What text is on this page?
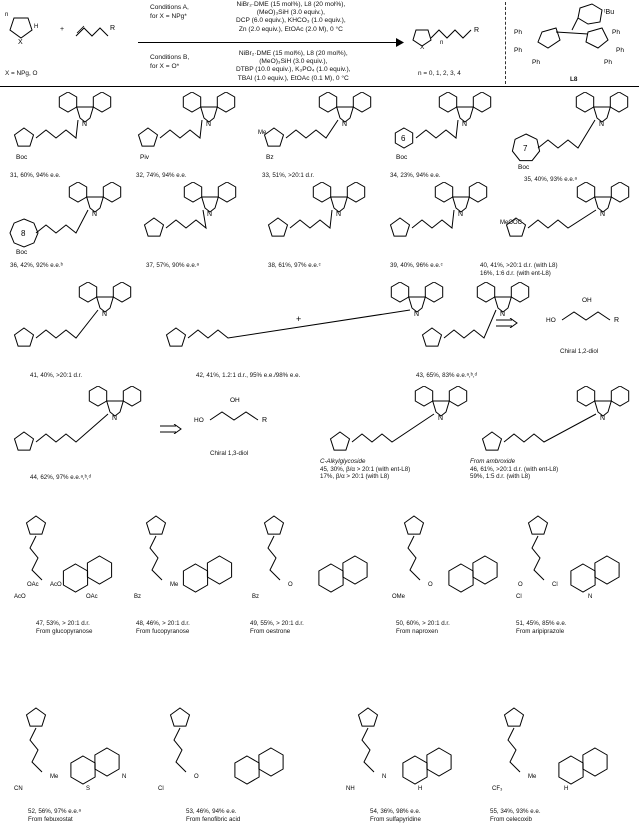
X
H
n
X = NPg, O
+	R
Conditions A,
for X = NPg*
NiBr₂·DME (15 mol%), L8 (20 mol%),
(MeO)₃SiH (3.0 equiv.),
DCP (6.0 equiv.), KHCO₃ (1.0 equiv.),
Zn (2.0 equiv.), EtOAc (2.0 M), 0 °C
Conditions B,
for X = O*
NiBr₂·DME (15 mol%), L8 (20 mol%),
(MeO)₃SiH (3.0 equiv.),
DTBP (10.0 equiv.), K₃PO₄ (1.0 equiv.),
TBAI (1.0 equiv.), EtOAc (0.1 M), 0 °C
X
R
n
n = 0, 1, 2, 3, 4
ᵗBu
Ph
Ph
Ph
Ph
Ph
Ph
L8
N
Boc
31, 60%, 94% e.e.
N
Piv
32, 74%, 94% e.e.
N
Bz
Me
33, 51%, >20:1 d.r.
N
6
Boc
34, 23%, 94% e.e.
N
7
Boc
35, 40%, 93% e.e.ᵃ
N
8
Boc
36, 42%, 92% e.e.ᵇ
N
37, 57%, 90% e.e.ᵃ
N
38, 61%, 97% e.e.ᶜ
N
39, 40%, 96% e.e.ᶜ
N
MeOOC
40, 41%, >20:1 d.r. (with L8)
16%, 1:6 d.r. (with ent-L8)
N
41, 40%, >20:1 d.r.
N
+
42, 41%, 1.2:1 d.r., 95% e.e./98% e.e.
N
43, 65%, 83% e.e.ᵃ,ᵇ,ᵈ
HO
OH
R
Chiral 1,2-diol
N
44, 62%, 97% e.e.ᵃ,ᵇ,ᵈ
HO
OH
R
Chiral 1,3-diol
N
C-Alkylglycoside
45, 30%, β/α > 20:1 (with ent-L8)
17%, β/α > 20:1 (with L8)
N
From ambroxide
46, 61%, >20:1 d.r. (with ent-L8)
59%, 1:5 d.r. (with L8)
AcO
AcO
OAc
OAc
47, 53%, > 20:1 d.r.
From glucopyranose
Bz
Me
48, 46%, > 20:1 d.r.
From fucopyranose
Bz
O
49, 55%, > 20:1 d.r.
From oestrone
OMe
O
50, 60%, > 20:1 d.r.
From naproxen
Cl
Cl
N
O
51, 45%, 85% e.e.
From aripiprazole
CN
Me
S
N
52, 56%, 97% e.e.ᵃ
From febuxostat
Cl
O
53, 46%, 94% e.e.
From fenofibric acid
NH
N
H
54, 36%, 98% e.e.
From sulfapyridine
CF₃
Me
H
55, 34%, 93% e.e.
From celecoxib
